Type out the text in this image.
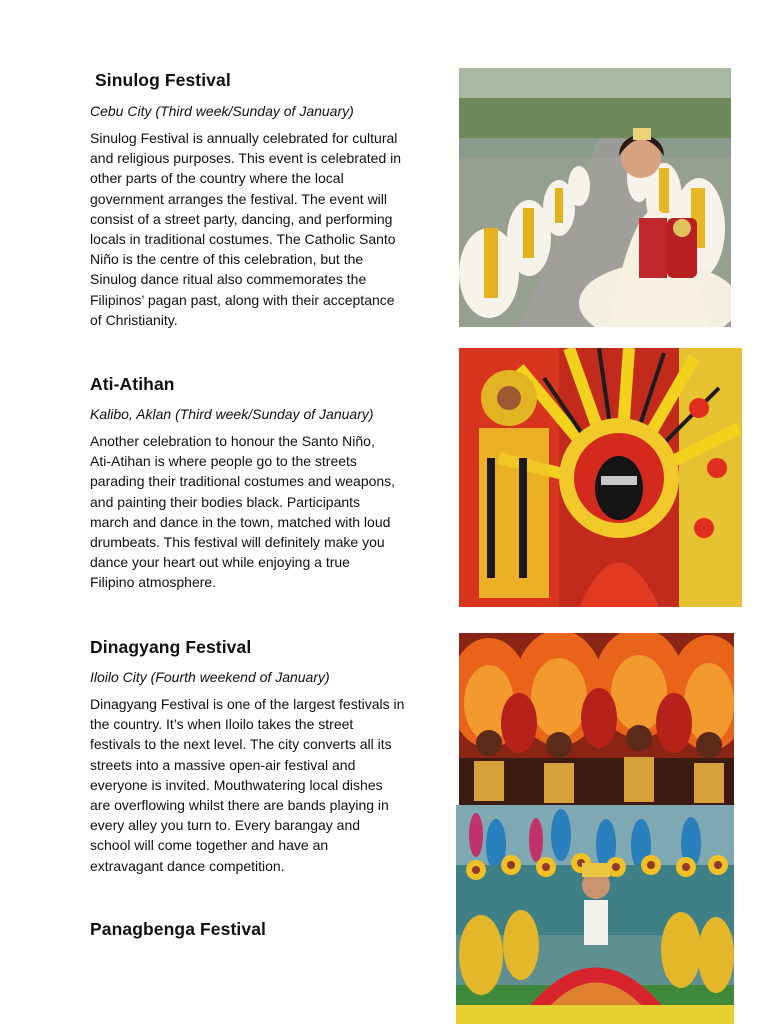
Sinulog Festival

Cebu City (Third week/Sunday of January)

Sinulog Festival is annually celebrated for cultural
and religious purposes. This event is celebrated in
other parts of the country where the local
government arranges the festival. The event will
consist of a street party, dancing, and performing
locals in traditional costumes. The Catholic Santo
Niño is the centre of this celebration, but the
Sinulog dance ritual also commemorates the
Filipinos’ pagan past, along with their acceptance
of Christianity.
Ati-Atihan

Kalibo, Aklan (Third week/Sunday of January)

Another celebration to honour the Santo Niño,
Ati-Atihan is where people go to the streets
parading their traditional costumes and weapons,
and painting their bodies black. Participants
march and dance in the town, matched with loud
drumbeats. This festival will definitely make you
dance your heart out while enjoying a true
Filipino atmosphere.
Dinagyang Festival

Iloilo City (Fourth weekend of January)

Dinagyang Festival is one of the largest festivals in
the country. It’s when Iloilo takes the street
festivals to the next level. The city converts all its
streets into a massive open-air festival and
everyone is invited. Mouthwatering local dishes
are overflowing whilst there are bands playing in
every alley you turn to. Every barangay and
school will come together and have an
extravagant dance competition.
Panagbenga Festival
